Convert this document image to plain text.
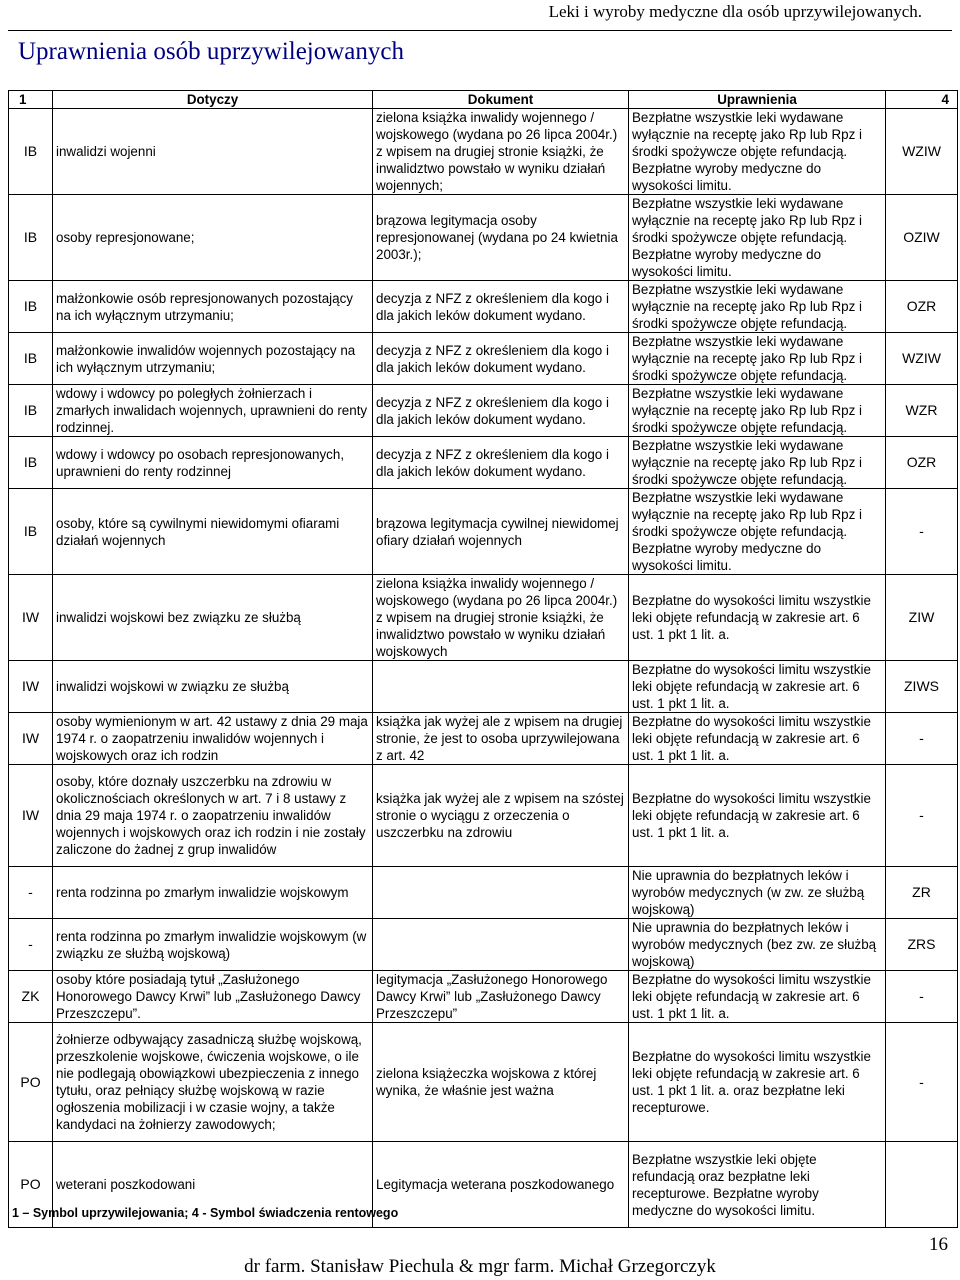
Leki i wyroby medyczne dla osób uprzywilejowanych.
Uprawnienia osób uprzywilejowanych
1	Dotyczy	Dokument	Uprawnienia	4
IB	inwalidzi wojenni	zielona książka inwalidy wojennego / wojskowego (wydana po 26 lipca 2004r.) z wpisem na drugiej stronie książki, że inwalidztwo powstało w wyniku działań wojennych;	Bezpłatne wszystkie leki wydawane wyłącznie na receptę jako Rp lub Rpz i środki spożywcze objęte refundacją. Bezpłatne wyroby medyczne do wysokości limitu.	WZIW
IB	osoby represjonowane;	brązowa legitymacja osoby represjonowanej (wydana po 24 kwietnia 2003r.);	Bezpłatne wszystkie leki wydawane wyłącznie na receptę jako Rp lub Rpz i środki spożywcze objęte refundacją. Bezpłatne wyroby medyczne do wysokości limitu.	OZIW
IB	małżonkowie osób represjonowanych pozostający na ich wyłącznym utrzymaniu;	decyzja z NFZ z określeniem dla kogo i dla jakich leków dokument wydano.	Bezpłatne wszystkie leki wydawane wyłącznie na receptę jako Rp lub Rpz i środki spożywcze objęte refundacją.	OZR
IB	małżonkowie inwalidów wojennych pozostający na ich wyłącznym utrzymaniu;	decyzja z NFZ z określeniem dla kogo i dla jakich leków dokument wydano.	Bezpłatne wszystkie leki wydawane wyłącznie na receptę jako Rp lub Rpz i środki spożywcze objęte refundacją.	WZIW
IB	wdowy i wdowcy po poległych żołnierzach i zmarłych inwalidach wojennych, uprawnieni do renty rodzinnej.	decyzja z NFZ z określeniem dla kogo i dla jakich leków dokument wydano.	Bezpłatne wszystkie leki wydawane wyłącznie na receptę jako Rp lub Rpz i środki spożywcze objęte refundacją.	WZR
IB	wdowy i wdowcy po osobach represjonowanych, uprawnieni do renty rodzinnej	decyzja z NFZ z określeniem dla kogo i dla jakich leków dokument wydano.	Bezpłatne wszystkie leki wydawane wyłącznie na receptę jako Rp lub Rpz i środki spożywcze objęte refundacją.	OZR
IB	osoby, które są cywilnymi niewidomymi ofiarami działań wojennych	brązowa legitymacja cywilnej niewidomej ofiary działań wojennych	Bezpłatne wszystkie leki wydawane wyłącznie na receptę jako Rp lub Rpz i środki spożywcze objęte refundacją. Bezpłatne wyroby medyczne do wysokości limitu.	-
IW	inwalidzi wojskowi bez związku ze służbą	zielona książka inwalidy wojennego / wojskowego (wydana po 26 lipca 2004r.) z wpisem na drugiej stronie książki, że inwalidztwo powstało w wyniku działań wojskowych	Bezpłatne do wysokości limitu wszystkie leki objęte refundacją w zakresie art. 6 ust. 1 pkt 1 lit. a.	ZIW
IW	inwalidzi wojskowi w związku ze służbą		Bezpłatne do wysokości limitu wszystkie leki objęte refundacją w zakresie art. 6 ust. 1 pkt 1 lit. a.	ZIWS
IW	osoby wymienionym w art. 42 ustawy z dnia 29 maja 1974 r. o zaopatrzeniu inwalidów wojennych i wojskowych oraz ich rodzin	książka jak wyżej ale z wpisem na drugiej stronie, że jest to osoba uprzywilejowana z art. 42	Bezpłatne do wysokości limitu wszystkie leki objęte refundacją w zakresie art. 6 ust. 1 pkt 1 lit. a.	-
IW	osoby, które doznały uszczerbku na zdrowiu w okolicznościach określonych w art. 7 i 8 ustawy z dnia 29 maja 1974 r. o zaopatrzeniu inwalidów wojennych i wojskowych oraz ich rodzin i nie zostały zaliczone do żadnej z grup inwalidów	książka jak wyżej ale z wpisem na szóstej stronie o wyciągu z orzeczenia o uszczerbku na zdrowiu	Bezpłatne do wysokości limitu wszystkie leki objęte refundacją w zakresie art. 6 ust. 1 pkt 1 lit. a.	-
-	renta rodzinna po zmarłym inwalidzie wojskowym		Nie uprawnia do bezpłatnych leków i wyrobów medycznych (w zw. ze służbą wojskową)	ZR
-	renta rodzinna po zmarłym inwalidzie wojskowym (w związku ze służbą wojskową)		Nie uprawnia do bezpłatnych leków i wyrobów medycznych (bez zw. ze służbą wojskową)	ZRS
ZK	osoby które posiadają tytuł „Zasłużonego Honorowego Dawcy Krwi” lub „Zasłużonego Dawcy Przeszczepu”.	legitymacja „Zasłużonego Honorowego Dawcy Krwi” lub „Zasłużonego Dawcy Przeszczepu”	Bezpłatne do wysokości limitu wszystkie leki objęte refundacją w zakresie art. 6 ust. 1 pkt 1 lit. a.	-
PO	żołnierze odbywający zasadniczą służbę wojskową, przeszkolenie wojskowe, ćwiczenia wojskowe, o ile nie podlegają obowiązkowi ubezpieczenia z innego tytułu, oraz pełniący służbę wojskową w razie ogłoszenia mobilizacji i w czasie wojny, a także kandydaci na żołnierzy zawodowych;	zielona książeczka wojskowa z której wynika, że właśnie jest ważna	Bezpłatne do wysokości limitu wszystkie leki objęte refundacją w zakresie art. 6 ust. 1 pkt 1 lit. a. oraz bezpłatne leki recepturowe.	-
PO	weterani poszkodowani	Legitymacja weterana poszkodowanego	Bezpłatne wszystkie leki objęte refundacją oraz bezpłatne leki recepturowe. Bezpłatne wyroby medyczne do wysokości limitu.	
1 – Symbol uprzywilejowania; 4 - Symbol świadczenia rentowego
16
dr farm. Stanisław Piechula & mgr farm. Michał Grzegorczyk
